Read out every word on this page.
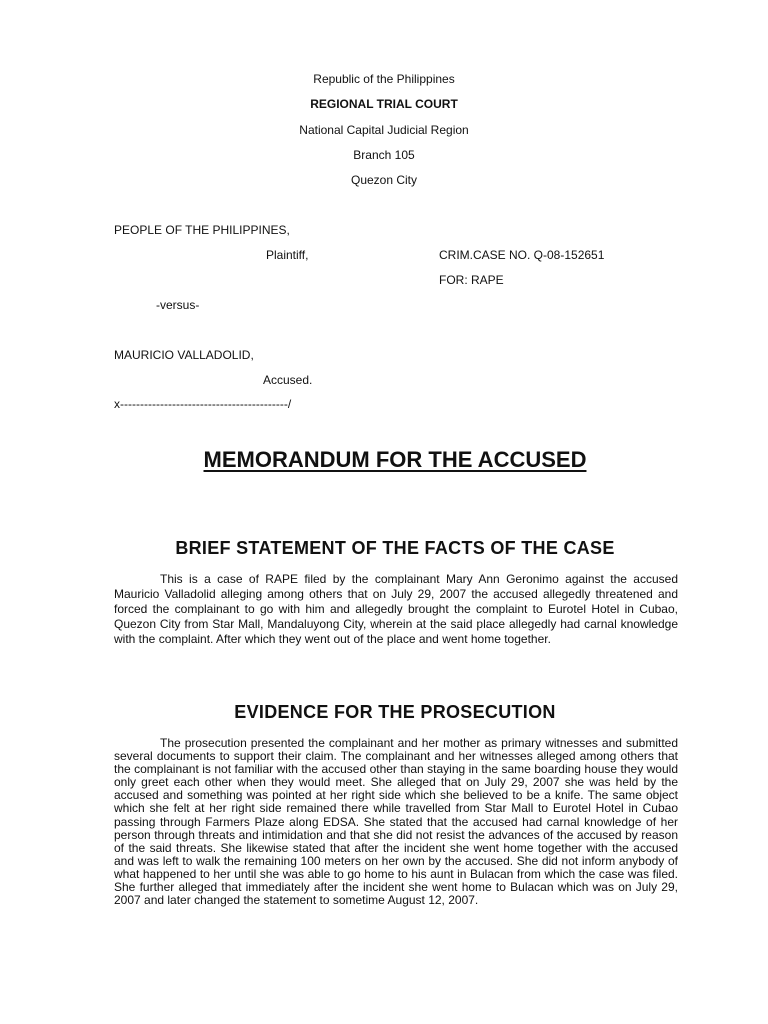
Republic of the Philippines
REGIONAL TRIAL COURT
National Capital Judicial Region
Branch 105
Quezon City
PEOPLE OF THE PHILIPPINES,
Plaintiff,	CRIM.CASE NO. Q-08-152651
FOR: RAPE
-versus-
MAURICIO VALLADOLID,
Accused.
x------------------------------------------/
MEMORANDUM FOR THE ACCUSED
BRIEF STATEMENT OF THE FACTS OF THE CASE

This is a case of RAPE filed by the complainant Mary Ann Geronimo against the accused Mauricio Valladolid alleging among others that on July 29, 2007 the accused allegedly threatened and forced the complainant to go with him and allegedly brought the complaint to Eurotel Hotel in Cubao, Quezon City from Star Mall, Mandaluyong City, wherein at the said place allegedly had carnal knowledge with the complaint. After which they went out of the place and went home together.

EVIDENCE FOR THE PROSECUTION

The prosecution presented the complainant and her mother as primary witnesses and submitted several documents to support their claim. The complainant and her witnesses alleged among others that the complainant is not familiar with the accused other than staying in the same boarding house they would only greet each other when they would meet. She alleged that on July 29, 2007 she was held by the accused and something was pointed at her right side which she believed to be a knife. The same object which she felt at her right side remained there while travelled from Star Mall to Eurotel Hotel in Cubao passing through Farmers Plaze along EDSA. She stated that the accused had carnal knowledge of her person through threats and intimidation and that she did not resist the advances of the accused by reason of the said threats. She likewise stated that after the incident she went home together with the accused and was left to walk the remaining 100 meters on her own by the accused. She did not inform anybody of what happened to her until she was able to go home to his aunt in Bulacan from which the case was filed. She further alleged that immediately after the incident she went home to Bulacan which was on July 29, 2007 and later changed the statement to sometime August 12, 2007.
